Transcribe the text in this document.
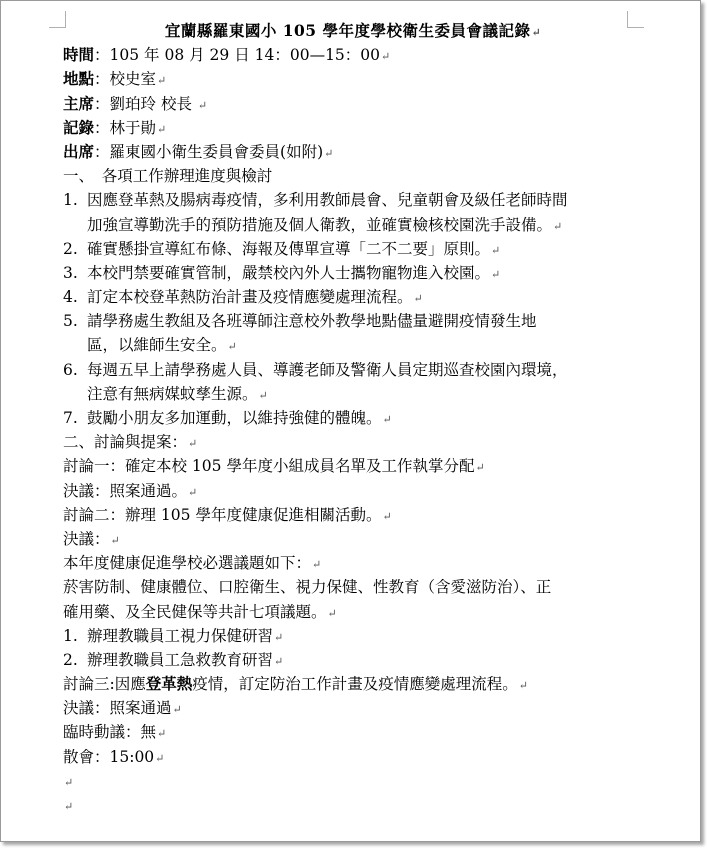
宜蘭縣羅東國小 105 學年度學校衛生委員會議記錄 ↵
時間：105 年 08 月 29 日 14：00—15：00 ↵
地點：校史室 ↵
主席：劉珀玲 校長  ↵
記錄：林于勛 ↵
出席：羅東國小衛生委員會委員(如附) ↵
一、　各項工作辦理進度與檢討
1. 因應登革熱及腸病毒疫情，多利用教師晨會、兒童朝會及級任老師時間
加強宣導勤洗手的預防措施及個人衛教，並確實檢核校園洗手設備。 ↵
2. 確實懸掛宣導紅布條、海報及傳單宣導「二不二要」原則。 ↵
3. 本校門禁要確實管制，嚴禁校內外人士攜物寵物進入校園。 ↵
4. 訂定本校登革熱防治計畫及疫情應變處理流程。 ↵
5. 請學務處生教組及各班導師注意校外教學地點儘量避開疫情發生地
區，以維師生安全。 ↵
6. 每週五早上請學務處人員、導護老師及警衛人員定期巡查校園內環境，
注意有無病媒蚊孳生源。 ↵
7. 鼓勵小朋友多加運動，以維持強健的體魄。 ↵
二、討論與提案： ↵
討論一：確定本校 105 學年度小組成員名單及工作執掌分配 ↵
決議：照案通過。 ↵
討論二：辦理 105 學年度健康促進相關活動。 ↵
決議： ↵
本年度健康促進學校必選議題如下： ↵
菸害防制、健康體位、口腔衛生、視力保健、性教育（含愛滋防治）、正
確用藥、及全民健保等共計七項議題。 ↵
1. 辦理教職員工視力保健研習 ↵
2. 辦理教職員工急救教育研習 ↵
討論三:因應登革熱疫情，訂定防治工作計畫及疫情應變處理流程。 ↵
決議：照案通過 ↵
臨時動議：無 ↵
散會：15:00 ↵
↵
↵
